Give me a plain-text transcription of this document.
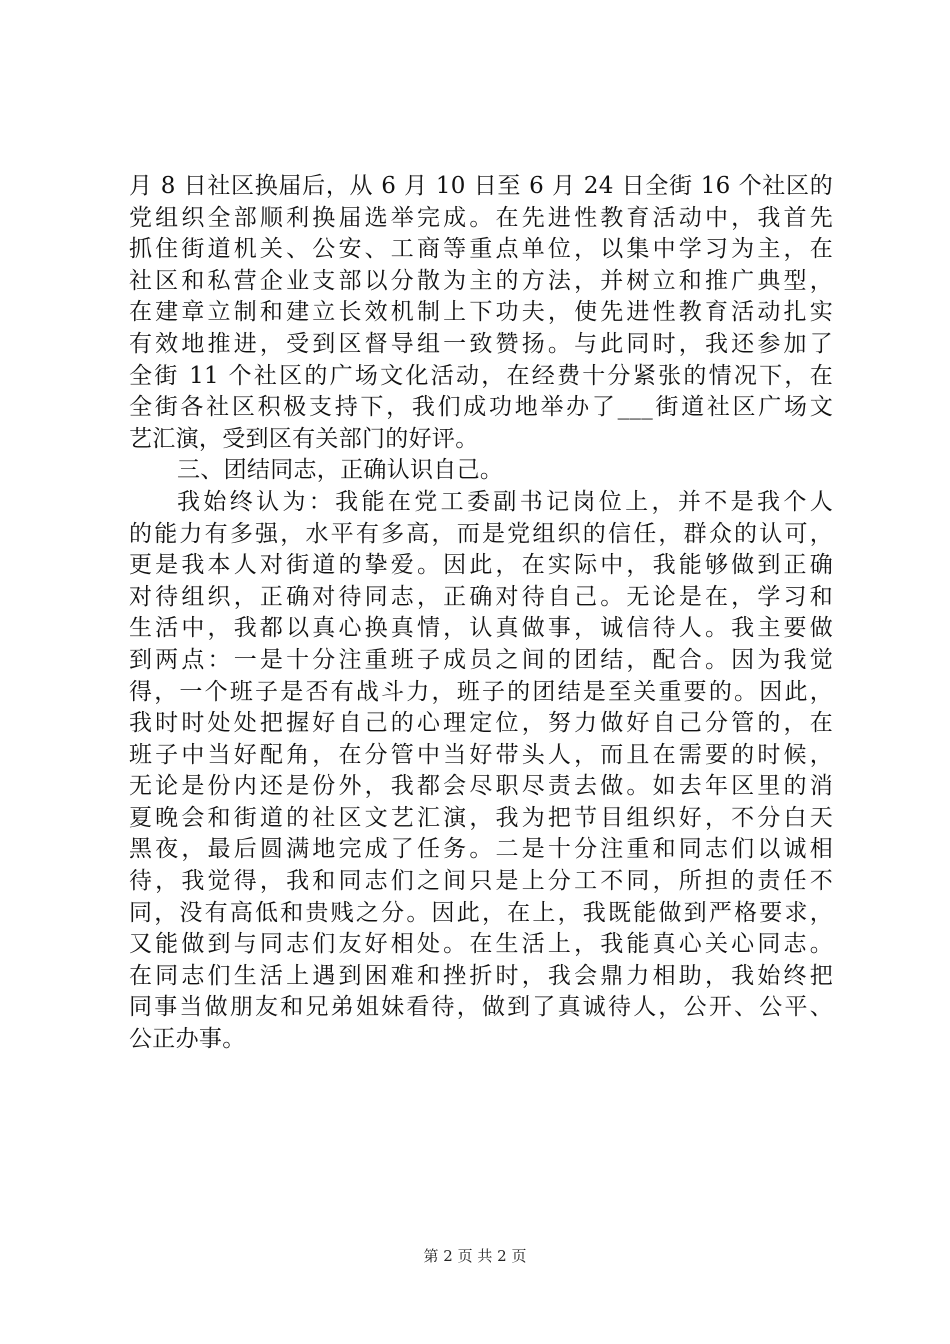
月 8 日社区换届后，从 6 月 10 日至 6 月 24 日全街 16 个社区的
党组织全部顺利换届选举完成。在先进性教育活动中，我首先
抓住街道机关、公安、工商等重点单位，以集中学习为主，在
社区和私营企业支部以分散为主的方法，并树立和推广典型，
在建章立制和建立长效机制上下功夫，使先进性教育活动扎实
有效地推进，受到区督导组一致赞扬。与此同时，我还参加了
全街 11 个社区的广场文化活动，在经费十分紧张的情况下，在
全街各社区积极支持下，我们成功地举办了___街道社区广场文
艺汇演，受到区有关部门的好评。
三、团结同志，正确认识自己。
我始终认为：我能在党工委副书记岗位上，并不是我个人
的能力有多强，水平有多高，而是党组织的信任，群众的认可，
更是我本人对街道的挚爱。因此，在实际中，我能够做到正确
对待组织，正确对待同志，正确对待自己。无论是在，学习和
生活中，我都以真心换真情，认真做事，诚信待人。我主要做
到两点：一是十分注重班子成员之间的团结，配合。因为我觉
得，一个班子是否有战斗力，班子的团结是至关重要的。因此，
我时时处处把握好自己的心理定位，努力做好自己分管的，在
班子中当好配角，在分管中当好带头人，而且在需要的时候，
无论是份内还是份外，我都会尽职尽责去做。如去年区里的消
夏晚会和街道的社区文艺汇演，我为把节目组织好，不分白天
黑夜，最后圆满地完成了任务。二是十分注重和同志们以诚相
待，我觉得，我和同志们之间只是上分工不同，所担的责任不
同，没有高低和贵贱之分。因此，在上，我既能做到严格要求，
又能做到与同志们友好相处。在生活上，我能真心关心同志。
在同志们生活上遇到困难和挫折时，我会鼎力相助，我始终把
同事当做朋友和兄弟姐妹看待，做到了真诚待人，公开、公平、
公正办事。
第 2 页 共 2 页
